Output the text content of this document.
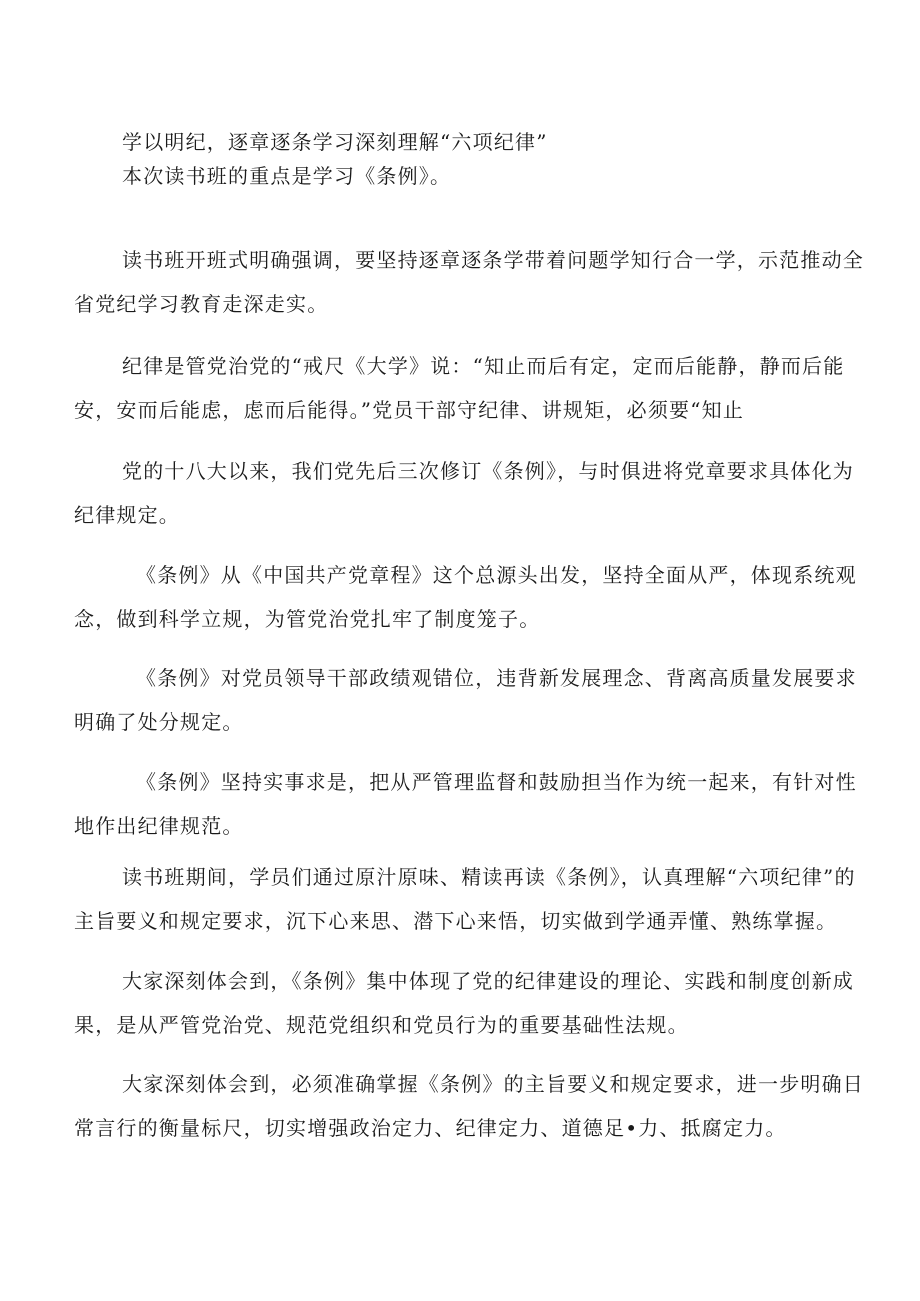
学以明纪，逐章逐条学习深刻理解“六项纪律”

本次读书班的重点是学习《条例》。

读书班开班式明确强调，要坚持逐章逐条学带着问题学知行合一学，示范推动全省党纪学习教育走深走实。

纪律是管党治党的“戒尺《大学》说：“知止而后有定，定而后能静，静而后能安，安而后能虑，虑而后能得。”党员干部守纪律、讲规矩，必须要“知止

党的十八大以来，我们党先后三次修订《条例》，与时俱进将党章要求具体化为纪律规定。

《条例》从《中国共产党章程》这个总源头出发，坚持全面从严，体现系统观念，做到科学立规，为管党治党扎牢了制度笼子。

《条例》对党员领导干部政绩观错位，违背新发展理念、背离高质量发展要求明确了处分规定。

《条例》坚持实事求是，把从严管理监督和鼓励担当作为统一起来，有针对性地作出纪律规范。

读书班期间，学员们通过原汁原味、精读再读《条例》，认真理解“六项纪律”的主旨要义和规定要求，沉下心来思、潜下心来悟，切实做到学通弄懂、熟练掌握。

大家深刻体会到，《条例》集中体现了党的纪律建设的理论、实践和制度创新成果，是从严管党治党、规范党组织和党员行为的重要基础性法规。

大家深刻体会到，必须准确掌握《条例》的主旨要义和规定要求，进一步明确日常言行的衡量标尺，切实增强政治定力、纪律定力、道德足•力、抵腐定力。
